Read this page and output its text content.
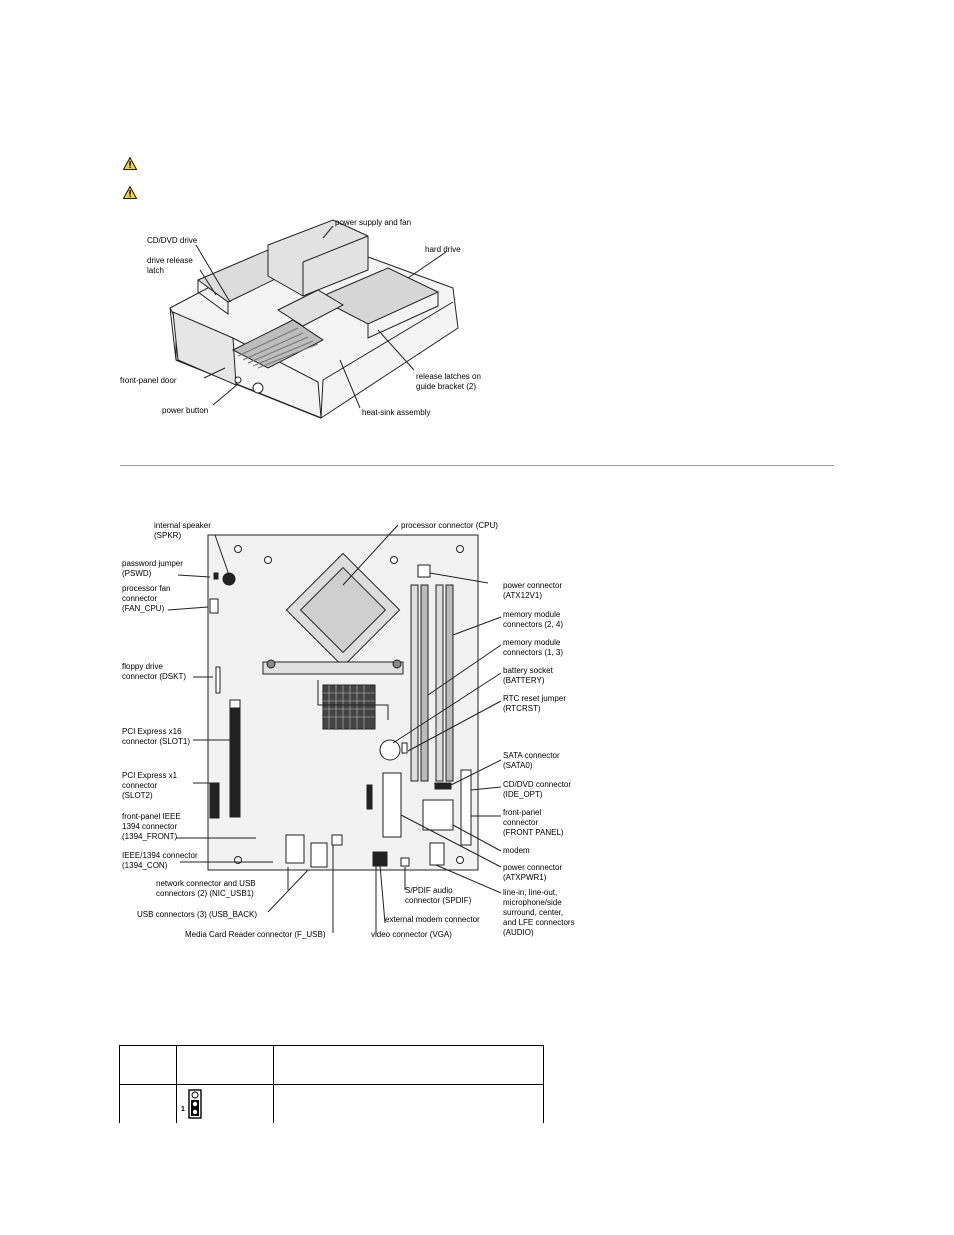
CD/DVD drive
drive release
latch
front-panel door
power button
power supply and fan
hard drive
release latches on
guide bracket (2)
heat-sink assembly
internal speaker
(SPKR)
password jumper
(PSWD)
processor fan
connector
(FAN_CPU)
floppy drive
connector (DSKT)
PCI Express x16
connector (SLOT1)
PCI Express x1
connector
(SLOT2)
front-panel IEEE
1394 connector
(1394_FRONT)
IEEE/1394 connector
(1394_CON)
network connector and USB
connectors (2) (NIC_USB1)
USB connectors (3) (USB_BACK)
Media Card Reader connector (F_USB)
processor connector (CPU)
power connector
(ATX12V1)
memory module
connectors (2, 4)
memory module
connectors (1, 3)
battery socket
(BATTERY)
RTC reset jumper
(RTCRST)
SATA connector
(SATA0)
CD/DVD connector
(IDE_OPT)
front-panel
connector
(FRONT PANEL)
modem
power connector
(ATXPWR1)
line-in, line-out,
microphone/side
surround, center,
and LFE connectors
(AUDIO)
S/PDIF audio
connector (SPDIF)
external modem connector
video connector (VGA)

	1	
